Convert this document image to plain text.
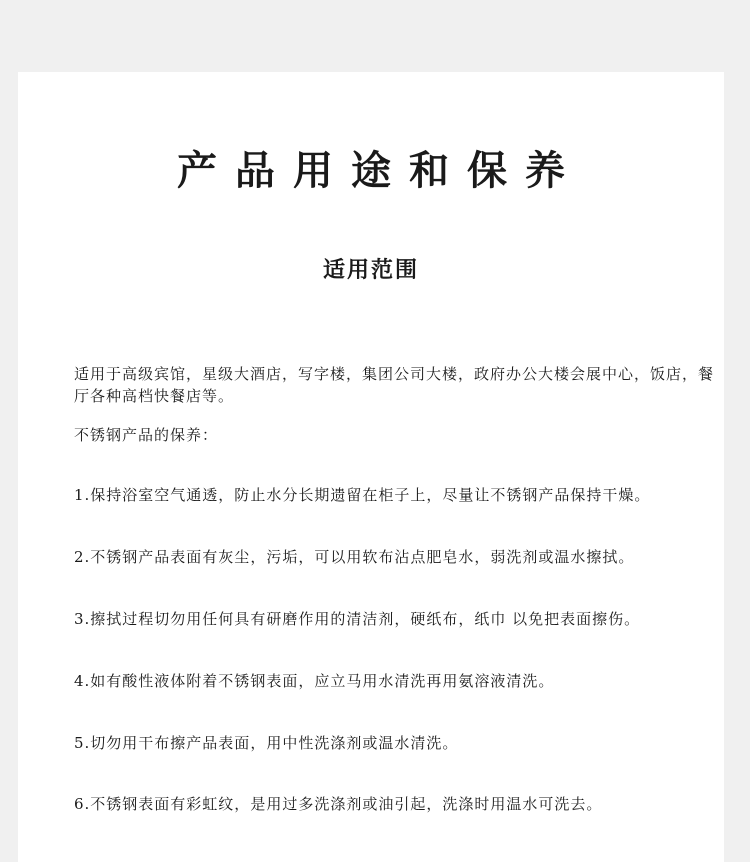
产品用途和保养
适用范围

适用于高级宾馆，星级大酒店，写字楼，集团公司大楼，政府办公大楼会展中心，饭店，餐厅各种高档快餐店等。

不锈钢产品的保养：

1.保持浴室空气通透，防止水分长期遗留在柜子上，尽量让不锈钢产品保持干燥。

2.不锈钢产品表面有灰尘，污垢，可以用软布沾点肥皂水，弱洗剂或温水擦拭。

3.擦拭过程切勿用任何具有研磨作用的清洁剂，硬纸布，纸巾 以免把表面擦伤。

4.如有酸性液体附着不锈钢表面，应立马用水清洗再用氨溶液清洗。

5.切勿用干布擦产品表面，用中性洗涤剂或温水清洗。

6.不锈钢表面有彩虹纹，是用过多洗涤剂或油引起，洗涤时用温水可洗去。
